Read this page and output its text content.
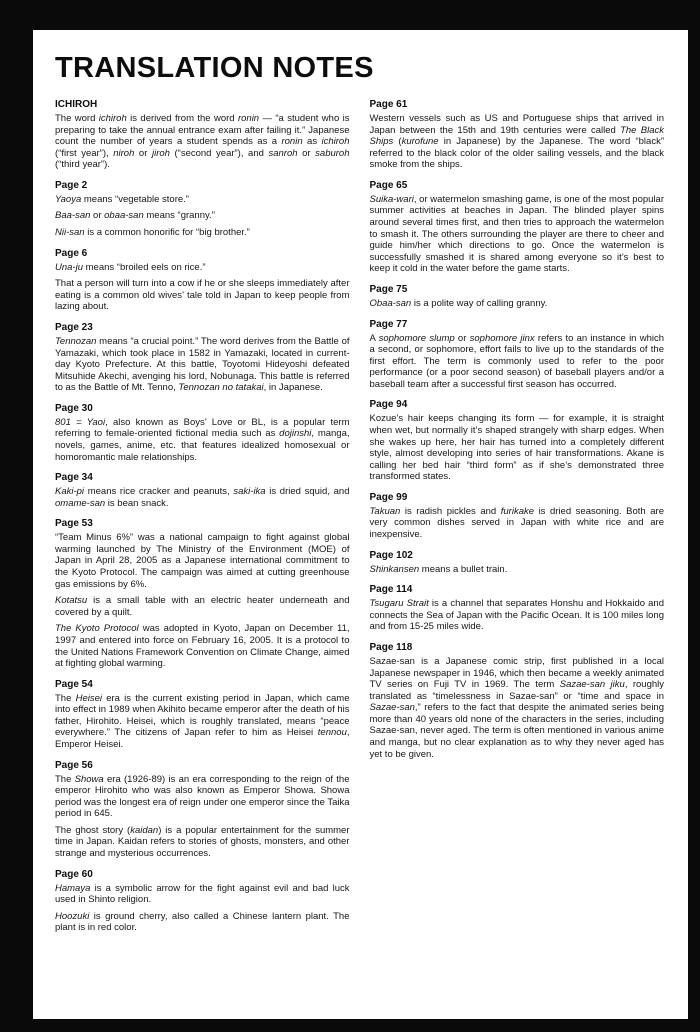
TRANSLATION NOTES
ICHIROH

The word ichiroh is derived from the word ronin — “a student who is preparing to take the annual entrance exam after failing it.” Japanese count the number of years a student spends as a ronin as ichiroh (“first year”), niroh or jiroh (“second year”), and sanroh or saburoh (“third year”).

Page 2

Yaoya means “vegetable store.”

Baa-san or obaa-san means “granny.”

Nii-san is a common honorific for “big brother.”

Page 6

Una-ju means “broiled eels on rice.”

That a person will turn into a cow if he or she sleeps immediately after eating is a common old wives’ tale told in Japan to keep people from lazing about.

Page 23

Tennozan means “a crucial point.” The word derives from the Battle of Yamazaki, which took place in 1582 in Yamazaki, located in current-day Kyoto Prefecture. At this battle, Toyotomi Hideyoshi defeated Mitsuhide Akechi, avenging his lord, Nobunaga. This battle is referred to as the Battle of Mt. Tenno, Tennozan no tatakai, in Japanese.

Page 30

801 = Yaoi, also known as Boys’ Love or BL, is a popular term referring to female-oriented fictional media such as dojinshi, manga, novels, games, anime, etc. that features idealized homosexual or homoromantic male relationships.

Page 34

Kaki-pi means rice cracker and peanuts, saki-ika is dried squid, and omame-san is bean snack.

Page 53

“Team Minus 6%” was a national campaign to fight against global warming launched by The Ministry of the Environment (MOE) of Japan in April 28, 2005 as a Japanese international commitment to the Kyoto Protocol. The campaign was aimed at cutting greenhouse gas emissions by 6%.

Kotatsu is a small table with an electric heater underneath and covered by a quilt.

The Kyoto Protocol was adopted in Kyoto, Japan on December 11, 1997 and entered into force on February 16, 2005. It is a protocol to the United Nations Framework Convention on Climate Change, aimed at fighting global warming.

Page 54

The Heisei era is the current existing period in Japan, which came into effect in 1989 when Akihito became emperor after the death of his father, Hirohito. Heisei, which is roughly translated, means “peace everywhere.” The citizens of Japan refer to him as Heisei tennou, Emperor Heisei.

Page 56

The Showa era (1926-89) is an era corresponding to the reign of the emperor Hirohito who was also known as Emperor Showa. Showa period was the longest era of reign under one emperor since the Taika period in 645.

The ghost story (kaidan) is a popular entertainment for the summer time in Japan. Kaidan refers to stories of ghosts, monsters, and other strange and mysterious occurrences.

Page 60

Hamaya is a symbolic arrow for the fight against evil and bad luck used in Shinto religion.

Hoozuki is ground cherry, also called a Chinese lantern plant. The plant is in red color.

Page 61

Western vessels such as US and Portuguese ships that arrived in Japan between the 15th and 19th centuries were called The Black Ships (kurofune in Japanese) by the Japanese. The word “black” referred to the black color of the older sailing vessels, and the black smoke from the ships.

Page 65

Suika-wari, or watermelon smashing game, is one of the most popular summer activities at beaches in Japan. The blinded player spins around several times first, and then tries to approach the watermelon to smash it. The others surrounding the player are there to cheer and guide him/her which directions to go. Once the watermelon is successfully smashed it is shared among everyone so it’s best to keep it cold in the water before the game starts.

Page 75

Obaa-san is a polite way of calling granny.

Page 77

A sophomore slump or sophomore jinx refers to an instance in which a second, or sophomore, effort fails to live up to the standards of the first effort. The term is commonly used to refer to the poor performance (or a poor second season) of baseball players and/or a baseball team after a successful first season has occurred.

Page 94

Kozue’s hair keeps changing its form — for example, it is straight when wet, but normally it’s shaped strangely with sharp edges. When she wakes up here, her hair has turned into a completely different style, almost developing into series of hair transformations. Akane is calling her bed hair “third form” as if she’s demonstrated three transformed states.

Page 99

Takuan is radish pickles and furikake is dried seasoning. Both are very common dishes served in Japan with white rice and are inexpensive.

Page 102

Shinkansen means a bullet train.

Page 114

Tsugaru Strait is a channel that separates Honshu and Hokkaido and connects the Sea of Japan with the Pacific Ocean. It is 100 miles long and from 15-25 miles wide.

Page 118

Sazae-san is a Japanese comic strip, first published in a local Japanese newspaper in 1946, which then became a weekly animated TV series on Fuji TV in 1969. The term Sazae-san jiku, roughly translated as “timelessness in Sazae-san” or “time and space in Sazae-san,” refers to the fact that despite the animated series being more than 40 years old none of the characters in the series, including Sazae-san, never aged. The term is often mentioned in various anime and manga, but no clear explanation as to why they never aged has yet to be given.
